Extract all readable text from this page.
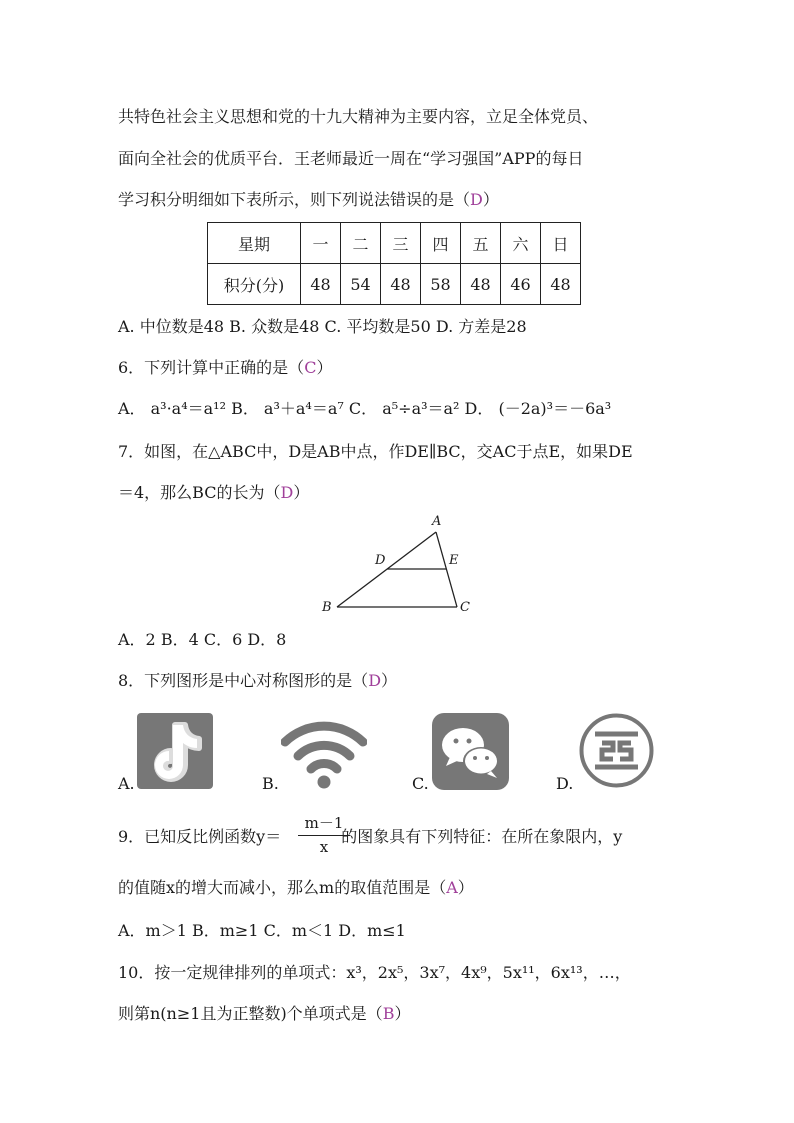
共特色社会主义思想和党的十九大精神为主要内容，立足全体党员、
面向全社会的优质平台．王老师最近一周在“学习强国”APP的每日
学习积分明细如下表所示，则下列说法错误的是（D）
星期	一	二	三	四	五	六	日
积分(分)	48	54	48	58	48	46	48
A. 中位数是48 B. 众数是48 C. 平均数是50 D. 方差是28
6．下列计算中正确的是（C）
A． a³·a⁴＝a¹² B． a³＋a⁴＝a⁷ C． a⁵÷a³＝a² D． (－2a)³＝－6a³
7．如图，在△ABC中，D是AB中点，作DE∥BC，交AC于点E，如果DE
＝4，那么BC的长为（D）
A
D	E
B	C
A．2 B．4 C．6 D．8
8．下列图形是中心对称图形的是（D）
A.	B.	C.	D.
9．已知反比例函数y＝	的图象具有下列特征：在所在象限内，y
m－1
x
的值随x的增大而减小，那么m的取值范围是（A）
A．m＞1 B．m≥1 C．m＜1 D．m≤1
10．按一定规律排列的单项式：x³，2x⁵，3x⁷，4x⁹，5x¹¹，6x¹³，…，
则第n(n≥1且为正整数)个单项式是（B）
